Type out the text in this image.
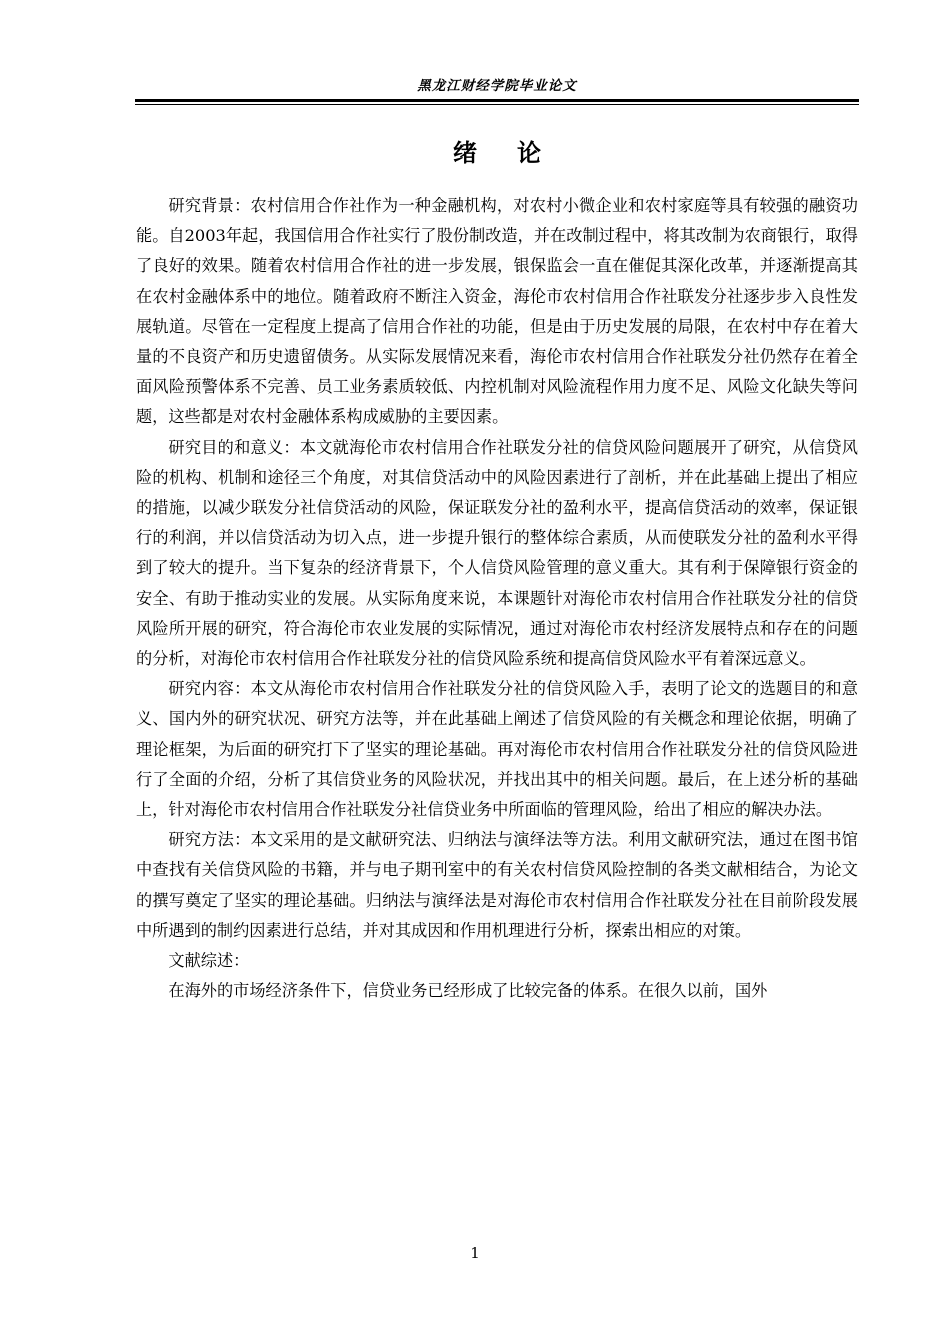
黑龙江财经学院毕业论文
绪论

研究背景：农村信用合作社作为一种金融机构，对农村小微企业和农村家庭等具有较强的融资功能。自2003年起，我国信用合作社实行了股份制改造，并在改制过程中，将其改制为农商银行，取得了良好的效果。随着农村信用合作社的进一步发展，银保监会一直在催促其深化改革，并逐渐提高其在农村金融体系中的地位。随着政府不断注入资金，海伦市农村信用合作社联发分社逐步步入良性发展轨道。尽管在一定程度上提高了信用合作社的功能，但是由于历史发展的局限，在农村中存在着大量的不良资产和历史遗留债务。从实际发展情况来看，海伦市农村信用合作社联发分社仍然存在着全面风险预警体系不完善、员工业务素质较低、内控机制对风险流程作用力度不足、风险文化缺失等问题，这些都是对农村金融体系构成威胁的主要因素。

研究目的和意义：本文就海伦市农村信用合作社联发分社的信贷风险问题展开了研究，从信贷风险的机构、机制和途径三个角度，对其信贷活动中的风险因素进行了剖析，并在此基础上提出了相应的措施，以减少联发分社信贷活动的风险，保证联发分社的盈利水平，提高信贷活动的效率，保证银行的利润，并以信贷活动为切入点，进一步提升银行的整体综合素质，从而使联发分社的盈利水平得到了较大的提升。当下复杂的经济背景下，个人信贷风险管理的意义重大。其有利于保障银行资金的安全、有助于推动实业的发展。从实际角度来说，本课题针对海伦市农村信用合作社联发分社的信贷风险所开展的研究，符合海伦市农业发展的实际情况，通过对海伦市农村经济发展特点和存在的问题的分析，对海伦市农村信用合作社联发分社的信贷风险系统和提高信贷风险水平有着深远意义。

研究内容：本文从海伦市农村信用合作社联发分社的信贷风险入手，表明了论文的选题目的和意义、国内外的研究状况、研究方法等，并在此基础上阐述了信贷风险的有关概念和理论依据，明确了理论框架，为后面的研究打下了坚实的理论基础。再对海伦市农村信用合作社联发分社的信贷风险进行了全面的介绍，分析了其信贷业务的风险状况，并找出其中的相关问题。最后，在上述分析的基础上，针对海伦市农村信用合作社联发分社信贷业务中所面临的管理风险，给出了相应的解决办法。

研究方法：本文采用的是文献研究法、归纳法与演绎法等方法。利用文献研究法，通过在图书馆中查找有关信贷风险的书籍，并与电子期刊室中的有关农村信贷风险控制的各类文献相结合，为论文的撰写奠定了坚实的理论基础。归纳法与演绎法是对海伦市农村信用合作社联发分社在目前阶段发展中所遇到的制约因素进行总结，并对其成因和作用机理进行分析，探索出相应的对策。

文献综述：

在海外的市场经济条件下，信贷业务已经形成了比较完备的体系。在很久以前，国外

1
